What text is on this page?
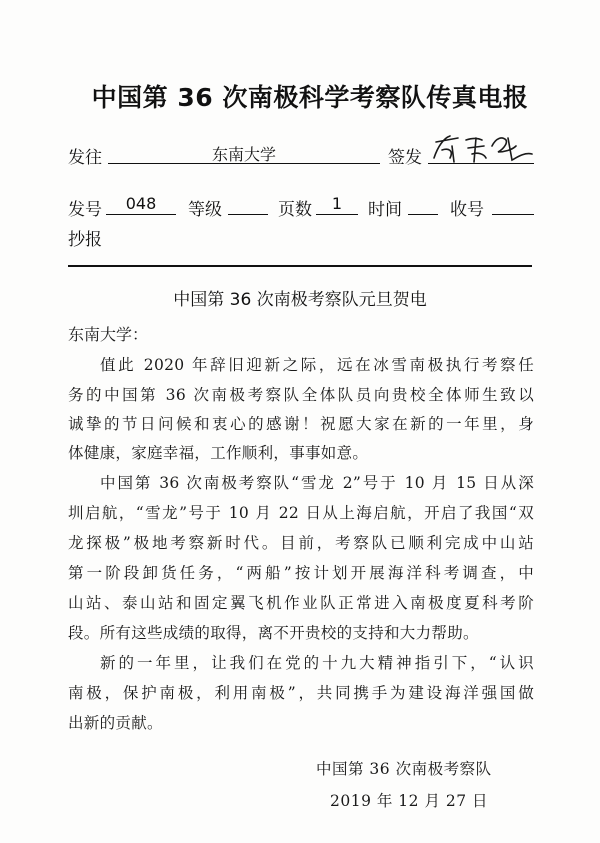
中国第 36 次南极科学考察队传真电报
发往	东南大学	签发
发号	048	等级	页数	1	时间	收号
抄报
中国第 36 次南极考察队元旦贺电
东南大学：
值此 2020 年辞旧迎新之际，远在冰雪南极执行考察任
务的中国第 36 次南极考察队全体队员向贵校全体师生致以
诚挚的节日问候和衷心的感谢！祝愿大家在新的一年里，身
体健康，家庭幸福，工作顺利，事事如意。
中国第 36 次南极考察队“雪龙 2”号于 10 月 15 日从深
圳启航，“雪龙”号于 10 月 22 日从上海启航，开启了我国“双
龙探极”极地考察新时代。目前，考察队已顺利完成中山站
第一阶段卸货任务，“两船”按计划开展海洋科考调查，中
山站、泰山站和固定翼飞机作业队正常进入南极度夏科考阶
段。所有这些成绩的取得，离不开贵校的支持和大力帮助。
新的一年里，让我们在党的十九大精神指引下，“认识
南极，保护南极，利用南极”，共同携手为建设海洋强国做
出新的贡献。
中国第 36 次南极考察队
2019 年 12 月 27 日
